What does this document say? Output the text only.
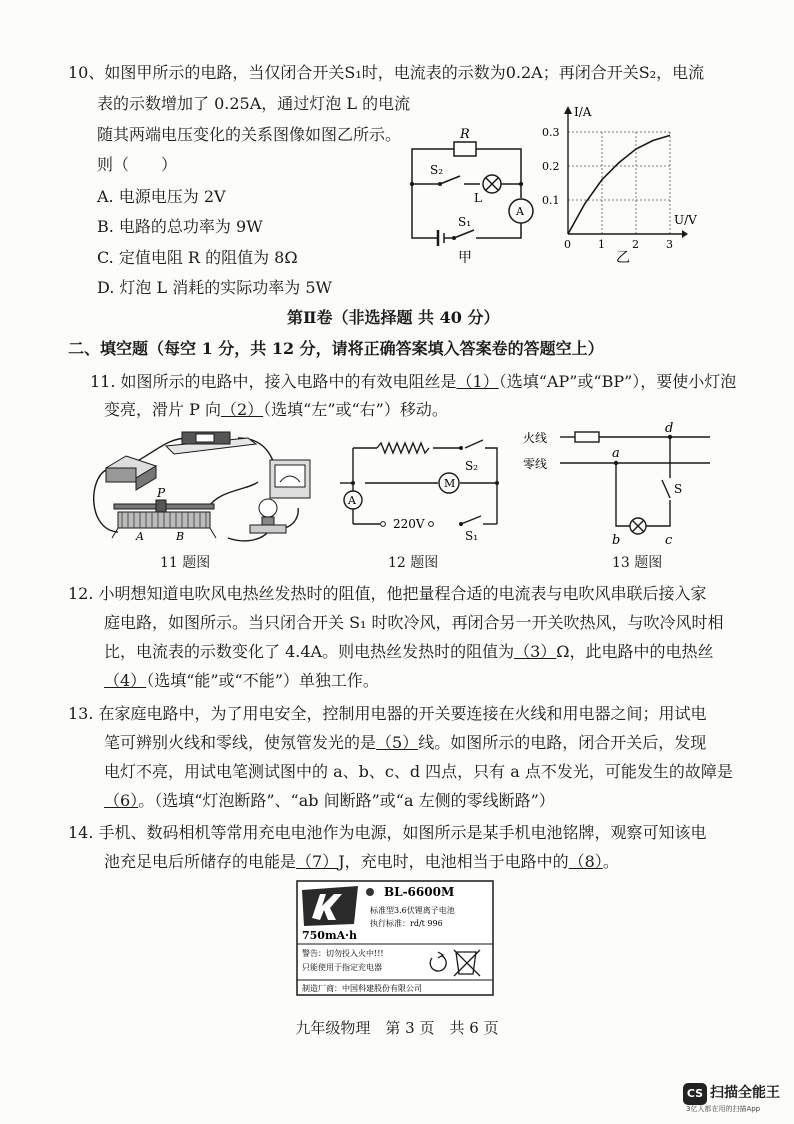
10、如图甲所示的电路，当仅闭合开关S₁时，电流表的示数为0.2A；再闭合开关S₂，电流
表的示数增加了 0.25A，通过灯泡 L 的电流
随其两端电压变化的关系图像如图乙所示。
则（　　）
A. 电源电压为 2V
B. 电路的总功率为 9W
C. 定值电阻 R 的阻值为 8Ω
D. 灯泡 L 消耗的实际功率为 5W
R
S₂
L
A
S₁
甲
0.3
0.2
0.1
0 1 2 3
I/A
U/V
乙
第Ⅱ卷（非选择题 共 40 分）
二、填空题（每空 1 分，共 12 分，请将正确答案填入答案卷的答题空上）
11. 如图所示的电路中，接入电路中的有效电阻丝是（1）（选填“AP”或“BP”），要使小灯泡
变亮，滑片 P 向（2）（选填“左”或“右”）移动。
P
A	B
11 题图
A
M
S₂
220V
S₁
12 题图
火线
零线
a
d
S
b	c
13 题图
12. 小明想知道电吹风电热丝发热时的阻值，他把量程合适的电流表与电吹风串联后接入家
庭电路，如图所示。当只闭合开关 S₁ 时吹冷风，再闭合另一开关吹热风，与吹冷风时相
比，电流表的示数变化了 4.4A。则电热丝发热时的阻值为（3）Ω，此电路中的电热丝
（4）（选填“能”或“不能”）单独工作。
13. 在家庭电路中，为了用电安全，控制用电器的开关要连接在火线和用电器之间；用试电
笔可辨别火线和零线，使氖管发光的是（5）线。如图所示的电路，闭合开关后，发现
电灯不亮，用试电笔测试图中的 a、b、c、d 四点，只有 a 点不发光，可能发生的故障是
（6）。（选填“灯泡断路”、“ab 间断路”或“a 左侧的零线断路”）
14. 手机、数码相机等常用充电电池作为电源，如图所示是某手机电池铭牌，观察可知该电
池充足电后所储存的电能是（7）J，充电时，电池相当于电路中的（8）。
BL-6600M
标准型3.6伏锂离子电池
执行标准：rd/t 996
750mA·h
警告：切勿投入火中!!!
只能使用于指定充电器
制造厂商：中国科建股份有限公司
九年级物理　第 3 页　共 6 页
CS 扫描全能王
3亿人都在用的扫描App
